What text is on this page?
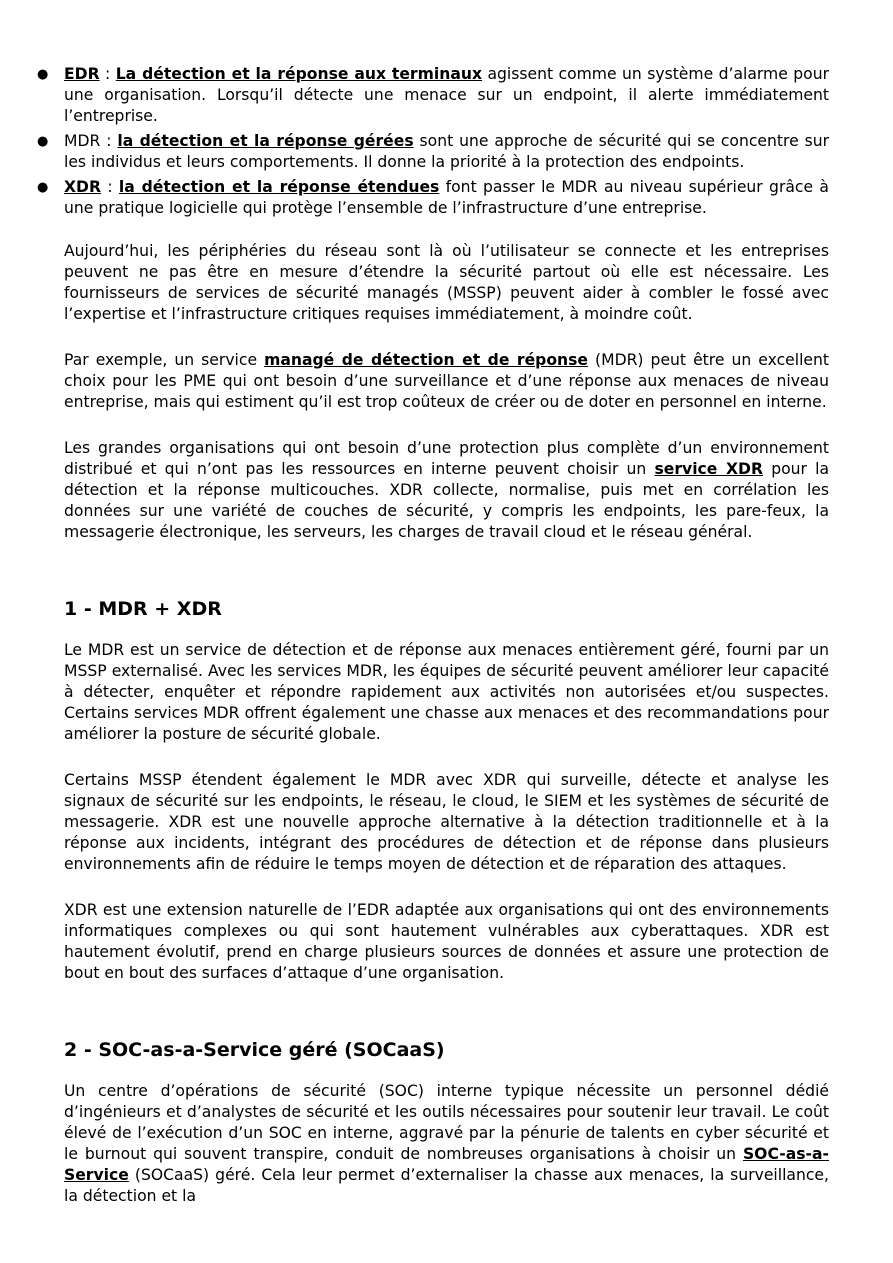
● EDR : La détection et la réponse aux terminaux agissent comme un système d’alarme pour une organisation. Lorsqu’il détecte une menace sur un endpoint, il alerte immédiatement l’entreprise.
● MDR : la détection et la réponse gérées sont une approche de sécurité qui se concentre sur les individus et leurs comportements. Il donne la priorité à la protection des endpoints.
● XDR : la détection et la réponse étendues font passer le MDR au niveau supérieur grâce à une pratique logicielle qui protège l’ensemble de l’infrastructure d’une entreprise.

Aujourd’hui, les périphéries du réseau sont là où l’utilisateur se connecte et les entreprises peuvent ne pas être en mesure d’étendre la sécurité partout où elle est nécessaire. Les fournisseurs de services de sécurité managés (MSSP) peuvent aider à combler le fossé avec l’expertise et l’infrastructure critiques requises immédiatement, à moindre coût.

Par exemple, un service managé de détection et de réponse (MDR) peut être un excellent choix pour les PME qui ont besoin d’une surveillance et d’une réponse aux menaces de niveau entreprise, mais qui estiment qu’il est trop coûteux de créer ou de doter en personnel en interne.

Les grandes organisations qui ont besoin d’une protection plus complète d’un environnement distribué et qui n’ont pas les ressources en interne peuvent choisir un service XDR pour la détection et la réponse multicouches. XDR collecte, normalise, puis met en corrélation les données sur une variété de couches de sécurité, y compris les endpoints, les pare-feux, la messagerie électronique, les serveurs, les charges de travail cloud et le réseau général.

1 - MDR + XDR

Le MDR est un service de détection et de réponse aux menaces entièrement géré, fourni par un MSSP externalisé. Avec les services MDR, les équipes de sécurité peuvent améliorer leur capacité à détecter, enquêter et répondre rapidement aux activités non autorisées et/ou suspectes. Certains services MDR offrent également une chasse aux menaces et des recommandations pour améliorer la posture de sécurité globale.

Certains MSSP étendent également le MDR avec XDR qui surveille, détecte et analyse les signaux de sécurité sur les endpoints, le réseau, le cloud, le SIEM et les systèmes de sécurité de messagerie. XDR est une nouvelle approche alternative à la détection traditionnelle et à la réponse aux incidents, intégrant des procédures de détection et de réponse dans plusieurs environnements afin de réduire le temps moyen de détection et de réparation des attaques.

XDR est une extension naturelle de l’EDR adaptée aux organisations qui ont des environnements informatiques complexes ou qui sont hautement vulnérables aux cyberattaques. XDR est hautement évolutif, prend en charge plusieurs sources de données et assure une protection de bout en bout des surfaces d’attaque d’une organisation.

2 - SOC-as-a-Service géré (SOCaaS)

Un centre d’opérations de sécurité (SOC) interne typique nécessite un personnel dédié d’ingénieurs et d’analystes de sécurité et les outils nécessaires pour soutenir leur travail. Le coût élevé de l’exécution d’un SOC en interne, aggravé par la pénurie de talents en cyber sécurité et le burnout qui souvent transpire, conduit de nombreuses organisations à choisir un SOC-as-a-Service (SOCaaS) géré. Cela leur permet d’externaliser la chasse aux menaces, la surveillance, la détection et la
